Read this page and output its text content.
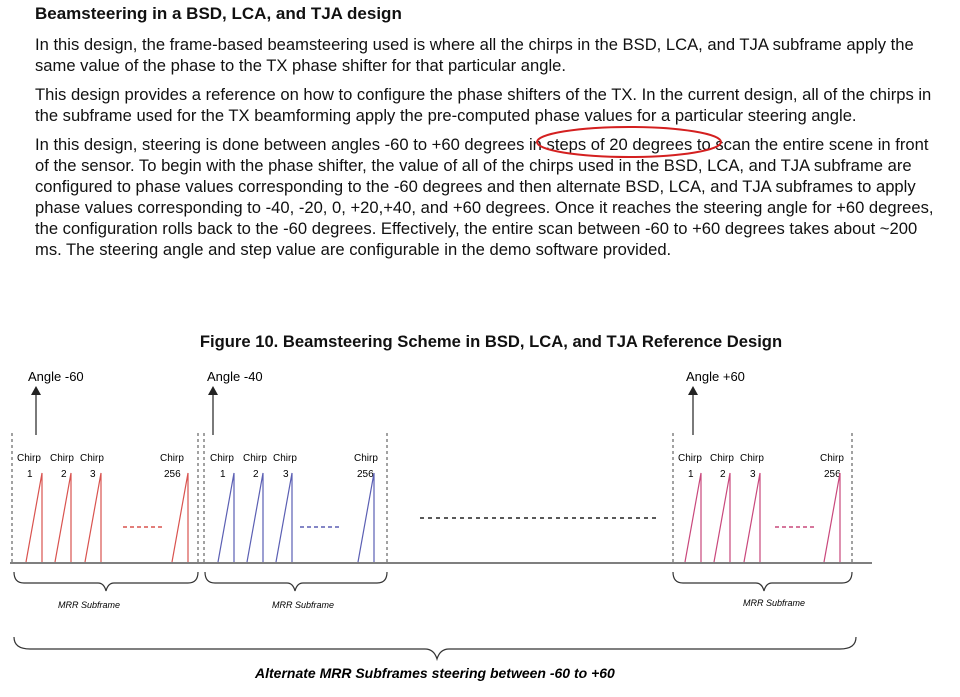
Beamsteering in a BSD, LCA, and TJA design

In this design, the frame-based beamsteering used is where all the chirps in the BSD, LCA, and TJA subframe apply the same value of the phase to the TX phase shifter for that particular angle.

This design provides a reference on how to configure the phase shifters of the TX. In the current design, all of the chirps in the subframe used for the TX beamforming apply the pre-computed phase values for a particular steering angle.

In this design, steering is done between angles -60 to +60 degrees in steps of 20 degrees
to scan the entire scene in front of the sensor. To begin with the phase shifter, the value of all of the chirps used in the BSD, LCA, and TJA subframe are configured to phase values corresponding to the -60 degrees and then alternate BSD, LCA, and TJA subframes to apply phase values corresponding to -40, -20, 0, +20,+40, and +60 degrees. Once it reaches the steering angle for +60 degrees, the configuration rolls back to the -60 degrees. Effectively, the entire scan between -60 to +60 degrees takes about ~200 ms. The steering angle and step value are configurable in the demo software provided.

Figure 10. Beamsteering Scheme in BSD, LCA, and TJA Reference Design
Angle -60
Chirp Chirp Chirp	Chirp
1	2 3	256
Angle -40
Chirp Chirp Chirp	Chirp
1	2 3	256
Angle +60
Chirp Chirp Chirp	Chirp
1	2 3	256
MRR Subframe	MRR Subframe	MRR Subframe
Alternate MRR Subframes steering between -60 to +60
